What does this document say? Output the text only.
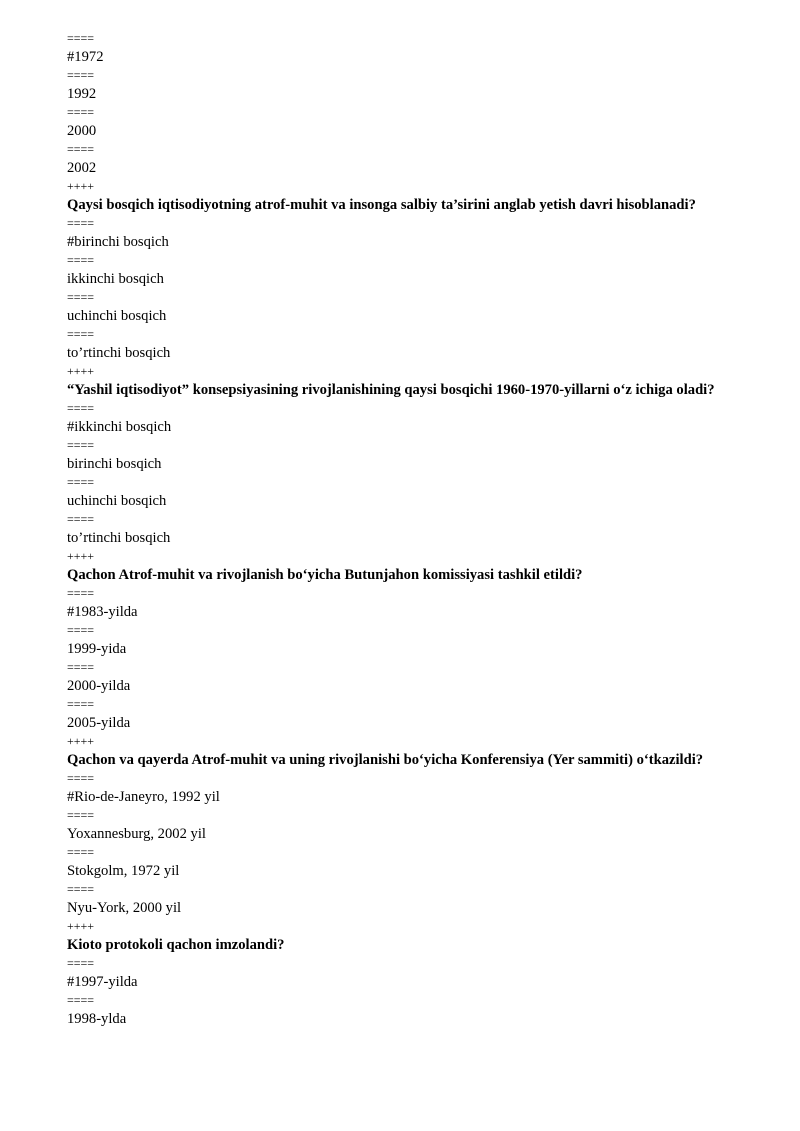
====
#1972
====
1992
====
2000
====
2002
++++
Qaysi bosqich iqtisodiyotning atrof-muhit va insonga salbiy ta’sirini anglab yetish davri hisoblanadi?
====
#birinchi bosqich
====
ikkinchi bosqich
====
uchinchi bosqich
====
to’rtinchi bosqich
++++
“Yashil iqtisodiyot” konsepsiyasining rivojlanishining qaysi bosqichi 1960-1970-yillarni o‘z ichiga oladi?
====
#ikkinchi bosqich
====
birinchi bosqich
====
uchinchi bosqich
====
to’rtinchi bosqich
++++
Qachon Atrof-muhit va rivojlanish bo‘yicha Butunjahon komissiyasi tashkil etildi?
====
#1983-yilda
====
1999-yida
====
2000-yilda
====
2005-yilda
++++
Qachon va qayerda Atrof-muhit va uning rivojlanishi bo‘yicha Konferensiya (Yer sammiti) o‘tkazildi?
====
#Rio-de-Janeyro, 1992 yil
====
Yoxannesburg, 2002 yil
====
Stokgolm, 1972 yil
====
Nyu-York, 2000 yil
++++
Kioto protokoli qachon imzolandi?
====
#1997-yilda
====
1998-ylda
